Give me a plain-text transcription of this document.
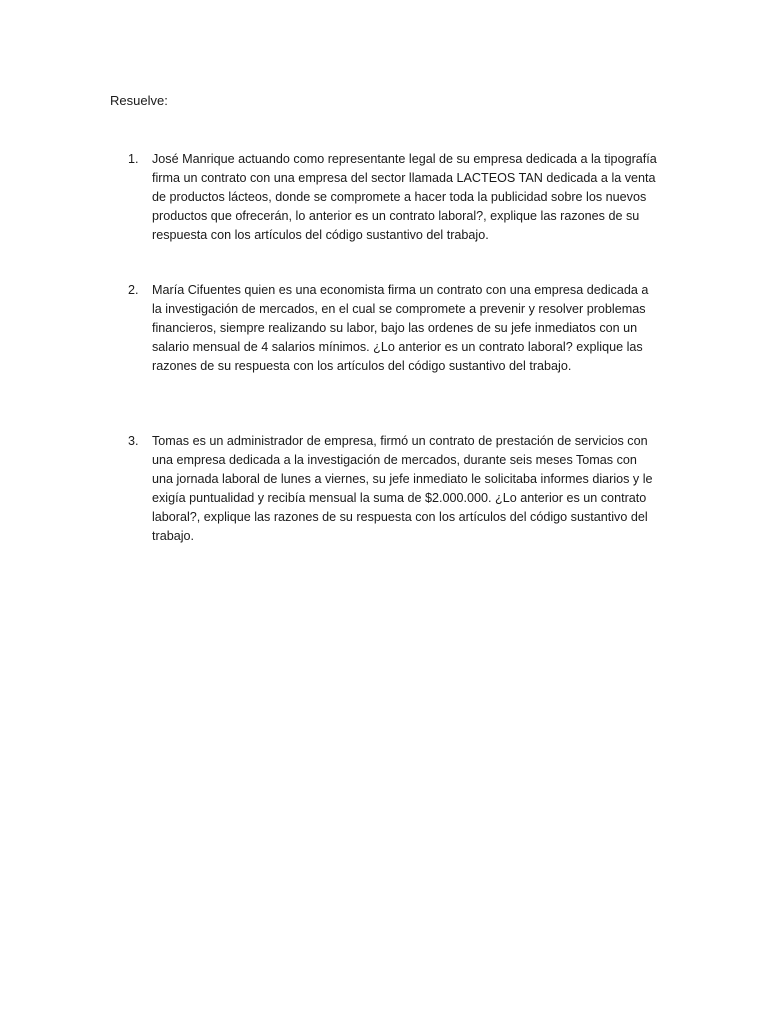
Resuelve:

1.	José Manrique actuando como representante legal de su empresa dedicada a la tipografía firma un contrato con una empresa del sector llamada LACTEOS TAN dedicada a la venta de productos lácteos, donde se compromete a hacer toda la publicidad sobre los nuevos productos que ofrecerán, lo anterior es un contrato laboral?, explique las razones de su respuesta con los artículos del código sustantivo del trabajo.
2.	María Cifuentes quien es una economista firma un contrato con una empresa dedicada a la investigación de mercados, en el cual se compromete a prevenir y resolver problemas financieros, siempre realizando su labor, bajo las ordenes de su jefe inmediatos con un salario mensual de 4 salarios mínimos. ¿Lo anterior es un contrato laboral? explique las razones de su respuesta con los artículos del código sustantivo del trabajo.
3.	Tomas es un administrador de empresa, firmó un contrato de prestación de servicios con una empresa dedicada a la investigación de mercados, durante seis meses Tomas con una jornada laboral de lunes a viernes, su jefe inmediato le solicitaba informes diarios y le exigía puntualidad y recibía mensual la suma de $2.000.000. ¿Lo anterior es un contrato laboral?, explique las razones de su respuesta con los artículos del código sustantivo del trabajo.
